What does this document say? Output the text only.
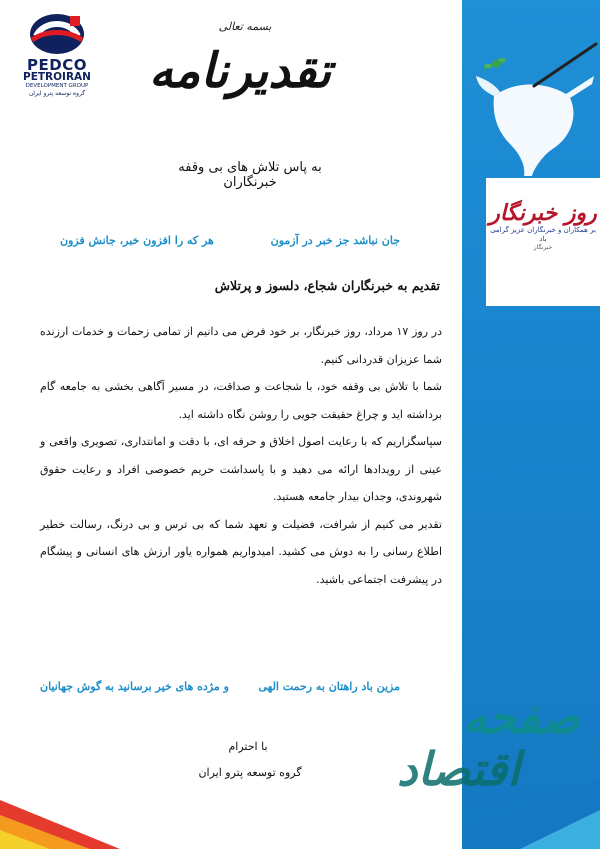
روز خبرنگار
بر همکاران و خبرنگاران عزیز گرامی باد
خبرنگار
PEDCO
PETROIRAN
DEVELOPMENT GROUP
گروه توسعه پترو ایران
بسمه تعالی
تقدیرنامه
به پاس تلاش های بی وقفه خبرنگاران
جان نباشد جز خبر در آزمون
هر که را افزون خبر، جانش فزون
تقدیم به خبرنگاران شجاع، دلسوز و پرتلاش

در روز ۱۷ مرداد، روز خبرنگار، بر خود فرض می دانیم از تمامی زحمات و خدمات ارزنده شما عزیزان قدردانی کنیم.

شما با تلاش بی وقفه خود، با شجاعت و صداقت، در مسیر آگاهی بخشی به جامعه گام برداشته اید و چراغ حقیقت جویی را روشن نگاه داشته اید.

سپاسگزاریم که با رعایت اصول اخلاق و حرفه ای، با دقت و امانتداری، تصویری واقعی و عینی از رویدادها ارائه می دهید و با پاسداشت حریم خصوصی افراد و رعایت حقوق شهروندی، وجدان بیدار جامعه هستید.

تقدیر می کنیم از شرافت، فضیلت و تعهد شما که بی ترس و بی درنگ، رسالت خطیر اطلاع رسانی را به دوش می کشید. امیدواریم همواره یاور ارزش های انسانی و پیشگام در پیشرفت اجتماعی باشید.

مزین باد راهتان به رحمت الهی
و مژده های خیر برسانید به گوش جهانیان
با احترام
گروه توسعه پترو ایران
صفحه
اقتصاد
